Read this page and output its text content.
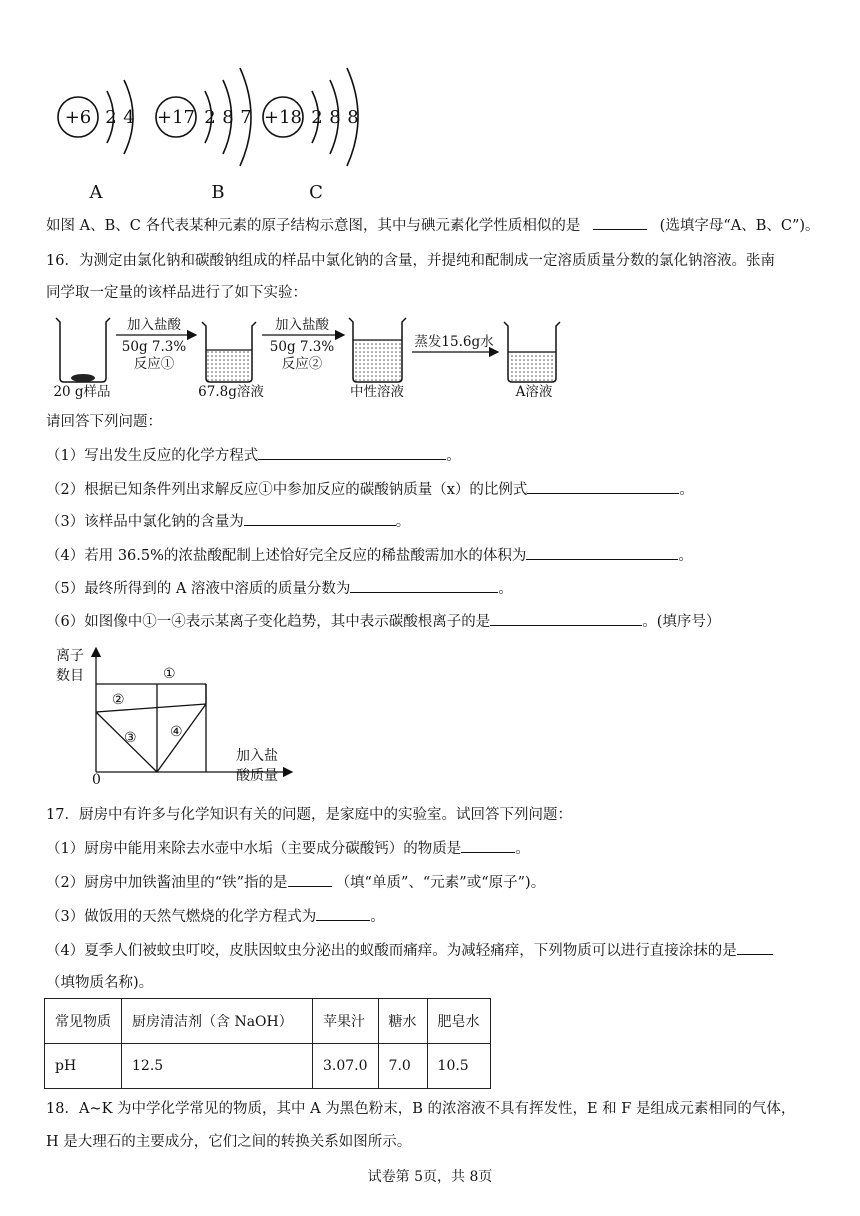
+6 2 4 +17 2 8 7 +18 2 8 8
A	B	C
如图 A、B、C 各代表某种元素的原子结构示意图，其中与碘元素化学性质相似的是	(选填字母“A、B、C”)。
16．为测定由氯化钠和碳酸钠组成的样品中氯化钠的含量，并提纯和配制成一定溶质质量分数的氯化钠溶液。张南
同学取一定量的该样品进行了如下实验：
加入盐酸
50g 7.3%
反应①
加入盐酸
50g 7.3%
反应②
蒸发15.6g水
20 g样品	67.8g溶液	中性溶液	A溶液
请回答下列问题：
（1）写出发生反应的化学方程式	。
（2）根据已知条件列出求解反应①中参加反应的碳酸钠质量（x）的比例式	。
（3）该样品中氯化钠的含量为	。
（4）若用 36.5%的浓盐酸配制上述恰好完全反应的稀盐酸需加水的体积为	。
（5）最终所得到的 A 溶液中溶质的质量分数为	。
（6）如图像中①一④表示某离子变化趋势，其中表示碳酸根离子的是	。(填序号）
离子
数目
加入盐
酸质量
0
①
②
③ ④
17．厨房中有许多与化学知识有关的问题，是家庭中的实验室。试回答下列问题：
（1）厨房中能用来除去水壶中水垢（主要成分碳酸钙）的物质是	。
（2）厨房中加铁酱油里的“铁”指的是	（填“单质”、“元素”或“原子”)。
（3）做饭用的天然气燃烧的化学方程式为	。
（4）夏季人们被蚊虫叮咬，皮肤因蚊虫分泌出的蚁酸而痛痒。为减轻痛痒，下列物质可以进行直接涂抹的是
（填物质名称)。
常见物质	厨房清洁剂（含 NaOH）	苹果汁	糖水	肥皂水
pH	12.5	3.07.0	7.0	10.5
18．A~K 为中学化学常见的物质，其中 A 为黑色粉末，B 的浓溶液不具有挥发性，E 和 F 是组成元素相同的气体，
H 是大理石的主要成分，它们之间的转换关系如图所示。
试卷第 5页，共 8页
